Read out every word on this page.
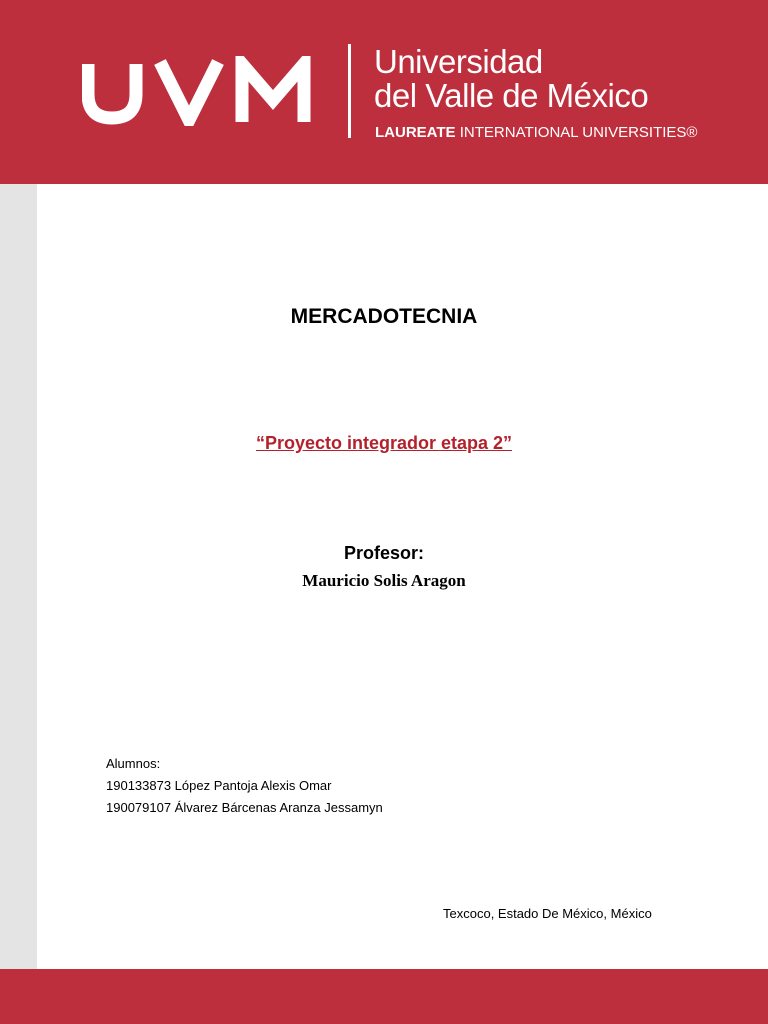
Universidad
del Valle de México
LAUREATE INTERNATIONAL UNIVERSITIES®
MERCADOTECNIA
“Proyecto integrador etapa 2”
Profesor:
Mauricio Solis Aragon
Alumnos:
190133873 López Pantoja Alexis Omar
190079107 Álvarez Bárcenas Aranza Jessamyn
Texcoco, Estado De México, México
